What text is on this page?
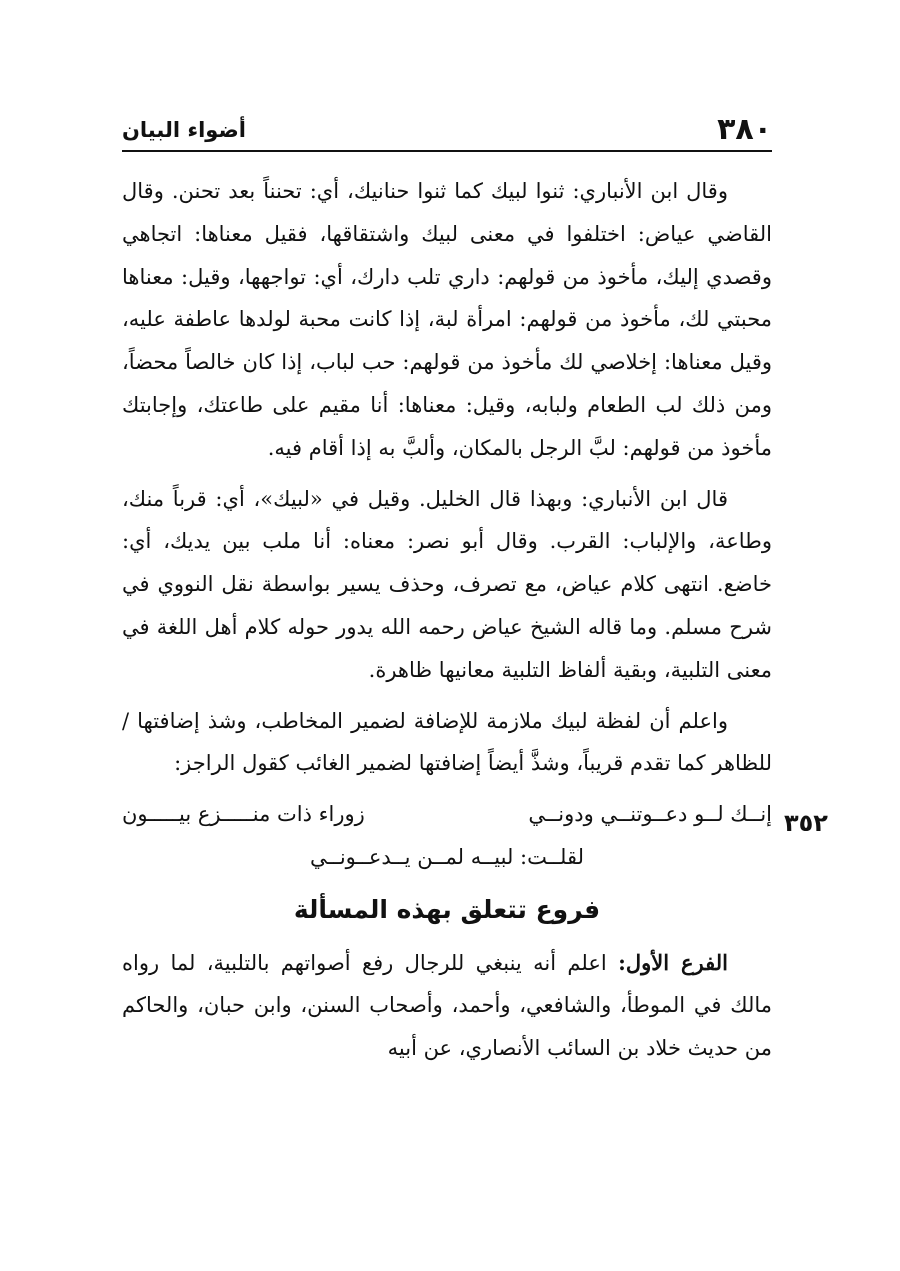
٣٨٠
أضواء البيان
٣٥٢

وقال ابن الأنباري: ثنوا لبيك كما ثنوا حنانيك، أي: تحنناً بعد تحنن. وقال القاضي عياض: اختلفوا في معنى لبيك واشتقاقها، فقيل معناها: اتجاهي وقصدي إليك، مأخوذ من قولهم: داري تلب دارك، أي: تواجهها، وقيل: معناها محبتي لك، مأخوذ من قولهم: امرأة لبة، إذا كانت محبة لولدها عاطفة عليه، وقيل معناها: إخلاصي لك مأخوذ من قولهم: حب لباب، إذا كان خالصاً محضاً، ومن ذلك لب الطعام ولبابه، وقيل: معناها: أنا مقيم على طاعتك، وإجابتك مأخوذ من قولهم: لبَّ الرجل بالمكان، وألبَّ به إذا أقام فيه.

قال ابن الأنباري: وبهذا قال الخليل. وقيل في «لبيك»، أي: قرباً منك، وطاعة، والإلباب: القرب. وقال أبو نصر: معناه: أنا ملب بين يديك، أي: خاضع. انتهى كلام عياض، مع تصرف، وحذف يسير بواسطة نقل النووي في شرح مسلم. وما قاله الشيخ عياض رحمه الله يدور حوله كلام أهل اللغة في معنى التلبية، وبقية ألفاظ التلبية معانيها ظاهرة.

واعلم أن لفظة لبيك ملازمة للإضافة لضمير المخاطب، وشذ إضافتها / للظاهر كما تقدم قريباً، وشذَّ أيضاً إضافتها لضمير الغائب كقول الراجز:

إنــك لــو دعــوتنــي ودونــي
زوراء ذات منـــــزع بيـــــون
لقلــت: لبيــه لمــن يــدعــونــي
فروع تتعلق بهذه المسألة

الفرع الأول: اعلم أنه ينبغي للرجال رفع أصواتهم بالتلبية، لما رواه مالك في الموطأ، والشافعي، وأحمد، وأصحاب السنن، وابن حبان، والحاكم من حديث خلاد بن السائب الأنصاري، عن أبيه
